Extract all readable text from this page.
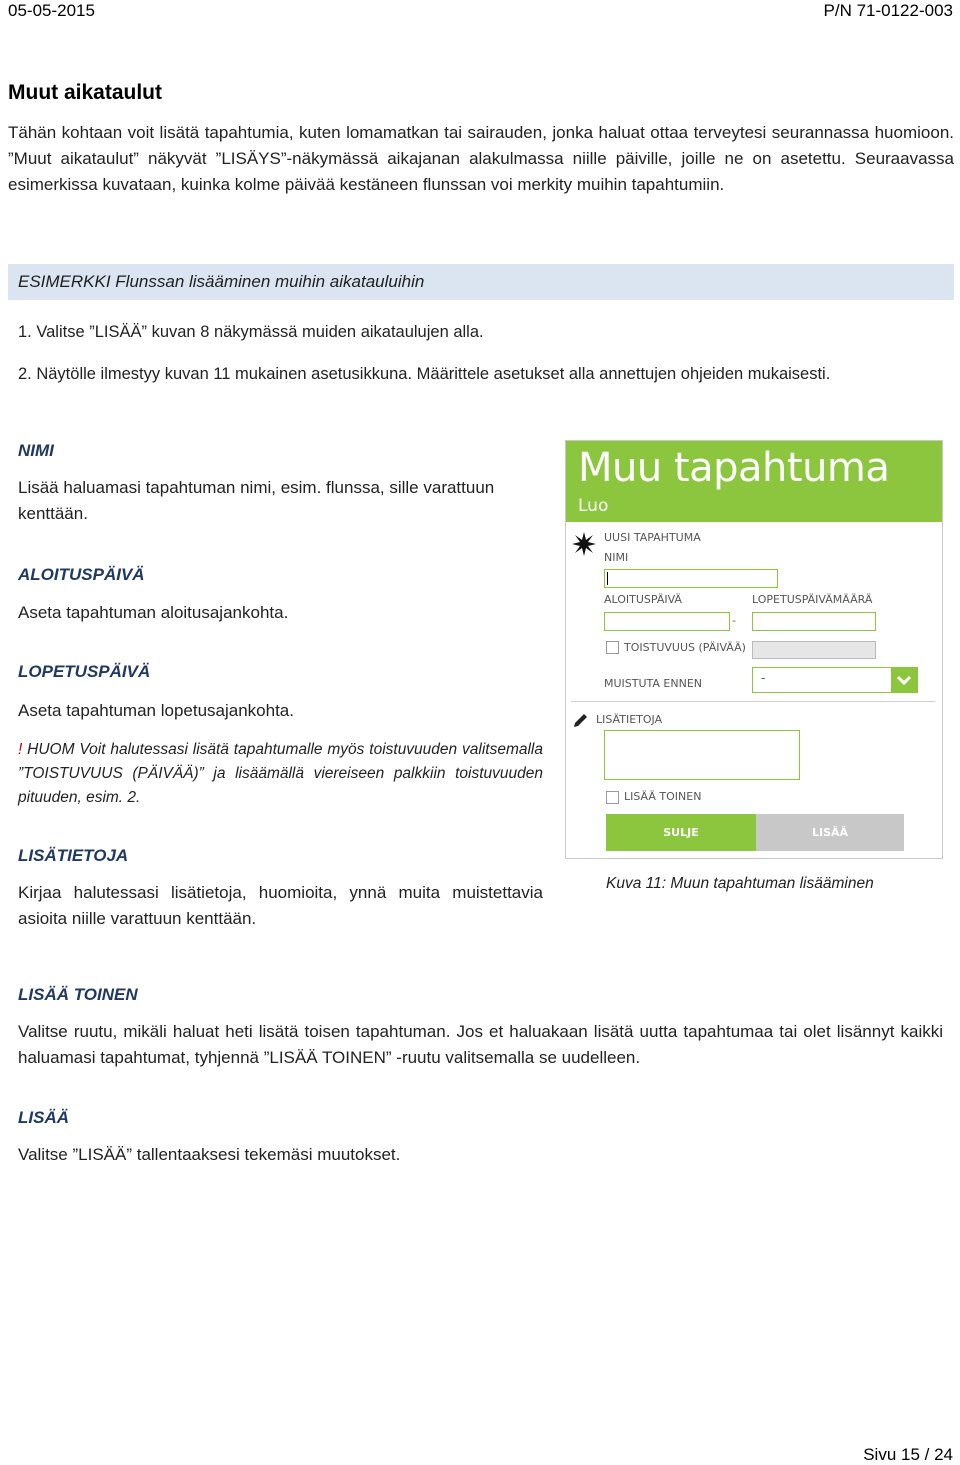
05-05-2015	P/N 71-0122-003
Muut aikataulut
Tähän kohtaan voit lisätä tapahtumia, kuten lomamatkan tai sairauden, jonka haluat ottaa terveytesi seurannassa huomioon. ”Muut aikataulut” näkyvät ”LISÄYS”-näkymässä aikajanan alakulmassa niille päiville, joille ne on asetettu. Seuraavassa esimerkissa kuvataan, kuinka kolme päivää kestäneen flunssan voi merkity muihin tapahtumiin.
ESIMERKKI Flunssan lisääminen muihin aikatauluihin
1. Valitse ”LISÄÄ” kuvan 8 näkymässä muiden aikataulujen alla.
2. Näytölle ilmestyy kuvan 11 mukainen asetusikkuna. Määrittele asetukset alla annettujen ohjeiden mukaisesti.
NIMI
Lisää haluamasi tapahtuman nimi, esim. flunssa, sille varattuun kenttään.
ALOITUSPÄIVÄ
Aseta tapahtuman aloitusajankohta.
LOPETUSPÄIVÄ
Aseta tapahtuman lopetusajankohta.
! HUOM Voit halutessasi lisätä tapahtumalle myös toistuvuuden valitsemalla ”TOISTUVUUS (PÄIVÄÄ)” ja lisäämällä viereiseen palkkiin toistuvuuden pituuden, esim. 2.
LISÄTIETOJA
Kirjaa halutessasi lisätietoja, huomioita, ynnä muita muistettavia asioita niille varattuun kenttään.
Muu tapahtuma
Luo
UUSI TAPAHTUMA
NIMI
ALOITUSPÄIVÄ
-
LOPETUSPÄIVÄMÄÄRÄ
TOISTUVUUS (PÄIVÄÄ)
MUISTUTA ENNEN	-
LISÄTIETOJA
LISÄÄ TOINEN
SULJE	LISÄÄ
Kuva 11: Muun tapahtuman lisääminen
LISÄÄ TOINEN
Valitse ruutu, mikäli haluat heti lisätä toisen tapahtuman. Jos et haluakaan lisätä uutta tapahtumaa tai olet lisännyt kaikki haluamasi tapahtumat, tyhjennä ”LISÄÄ TOINEN” -ruutu valitsemalla se uudelleen.
LISÄÄ
Valitse ”LISÄÄ” tallentaaksesi tekemäsi muutokset.
Sivu 15 / 24
